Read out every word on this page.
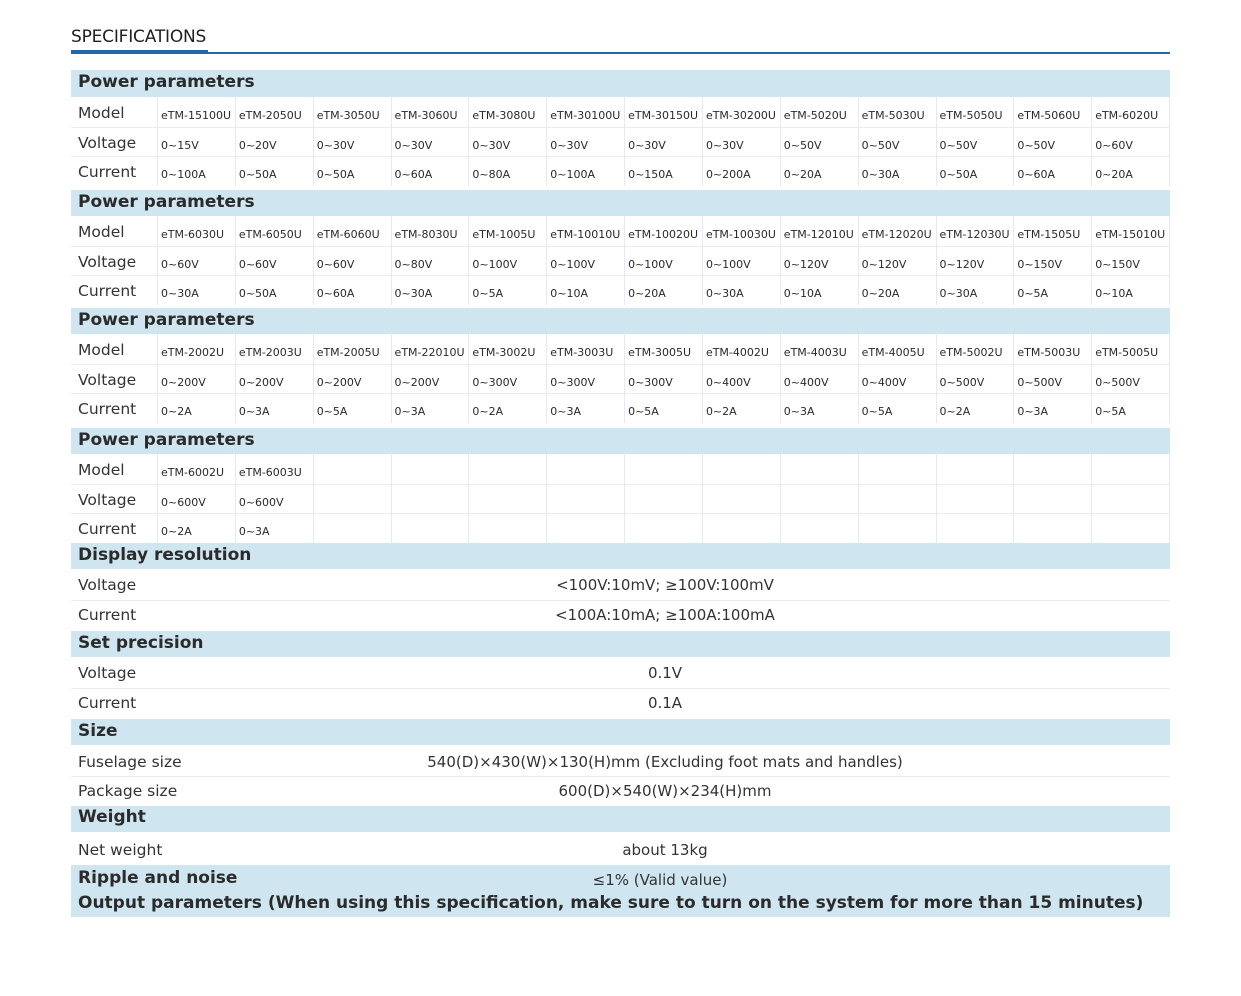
SPECIFICATIONS
Power parameters
Power parameters
Power parameters
Power parameters
Display resolution
Voltage	<100V:10mV; ≥100V:100mV
Current	<100A:10mA; ≥100A:100mA
Set precision
Voltage	0.1V
Current	0.1A
Size
Fuselage size	540(D)×430(W)×130(H)mm (Excluding foot mats and handles)
Package size	600(D)×540(W)×234(H)mm
Weight
Net weight	about 13kg
Ripple and noise	≤1% (Valid value)
Output parameters (When using this specification, make sure to turn on the system for more than 15 minutes)
Model	eTM-15100U eTM-2050U eTM-3050U eTM-3060U eTM-3080U eTM-30100U eTM-30150U eTM-30200U eTM-5020U eTM-5030U eTM-5050U eTM-5060U eTM-6020U
Voltage 0~15V	0~20V	0~30V	0~30V	0~30V	0~30V	0~30V	0~30V	0~50V	0~50V	0~50V	0~50V	0~60V
Current 0~100A	0~50A	0~50A	0~60A	0~80A	0~100A	0~150A	0~200A	0~20A	0~30A	0~50A	0~60A	0~20A
Model	eTM-6030U eTM-6050U eTM-6060U eTM-8030U eTM-1005U eTM-10010U eTM-10020U eTM-10030U eTM-12010U eTM-12020U eTM-12030U eTM-1505U eTM-15010U
Voltage 0~60V	0~60V	0~60V	0~80V	0~100V	0~100V	0~100V	0~100V	0~120V	0~120V	0~120V	0~150V	0~150V
Current 0~30A	0~50A	0~60A	0~30A	0~5A	0~10A	0~20A	0~30A	0~10A	0~20A	0~30A	0~5A	0~10A
Model	eTM-2002U eTM-2003U eTM-2005U eTM-22010U eTM-3002U eTM-3003U eTM-3005U eTM-4002U eTM-4003U eTM-4005U eTM-5002U eTM-5003U eTM-5005U
Voltage 0~200V	0~200V	0~200V	0~200V	0~300V	0~300V	0~300V	0~400V	0~400V	0~400V	0~500V	0~500V	0~500V
Current 0~2A	0~3A	0~5A	0~3A	0~2A	0~3A	0~5A	0~2A	0~3A	0~5A	0~2A	0~3A	0~5A
Model	eTM-6002U eTM-6003U
Voltage 0~600V	0~600V
Current 0~2A	0~3A
